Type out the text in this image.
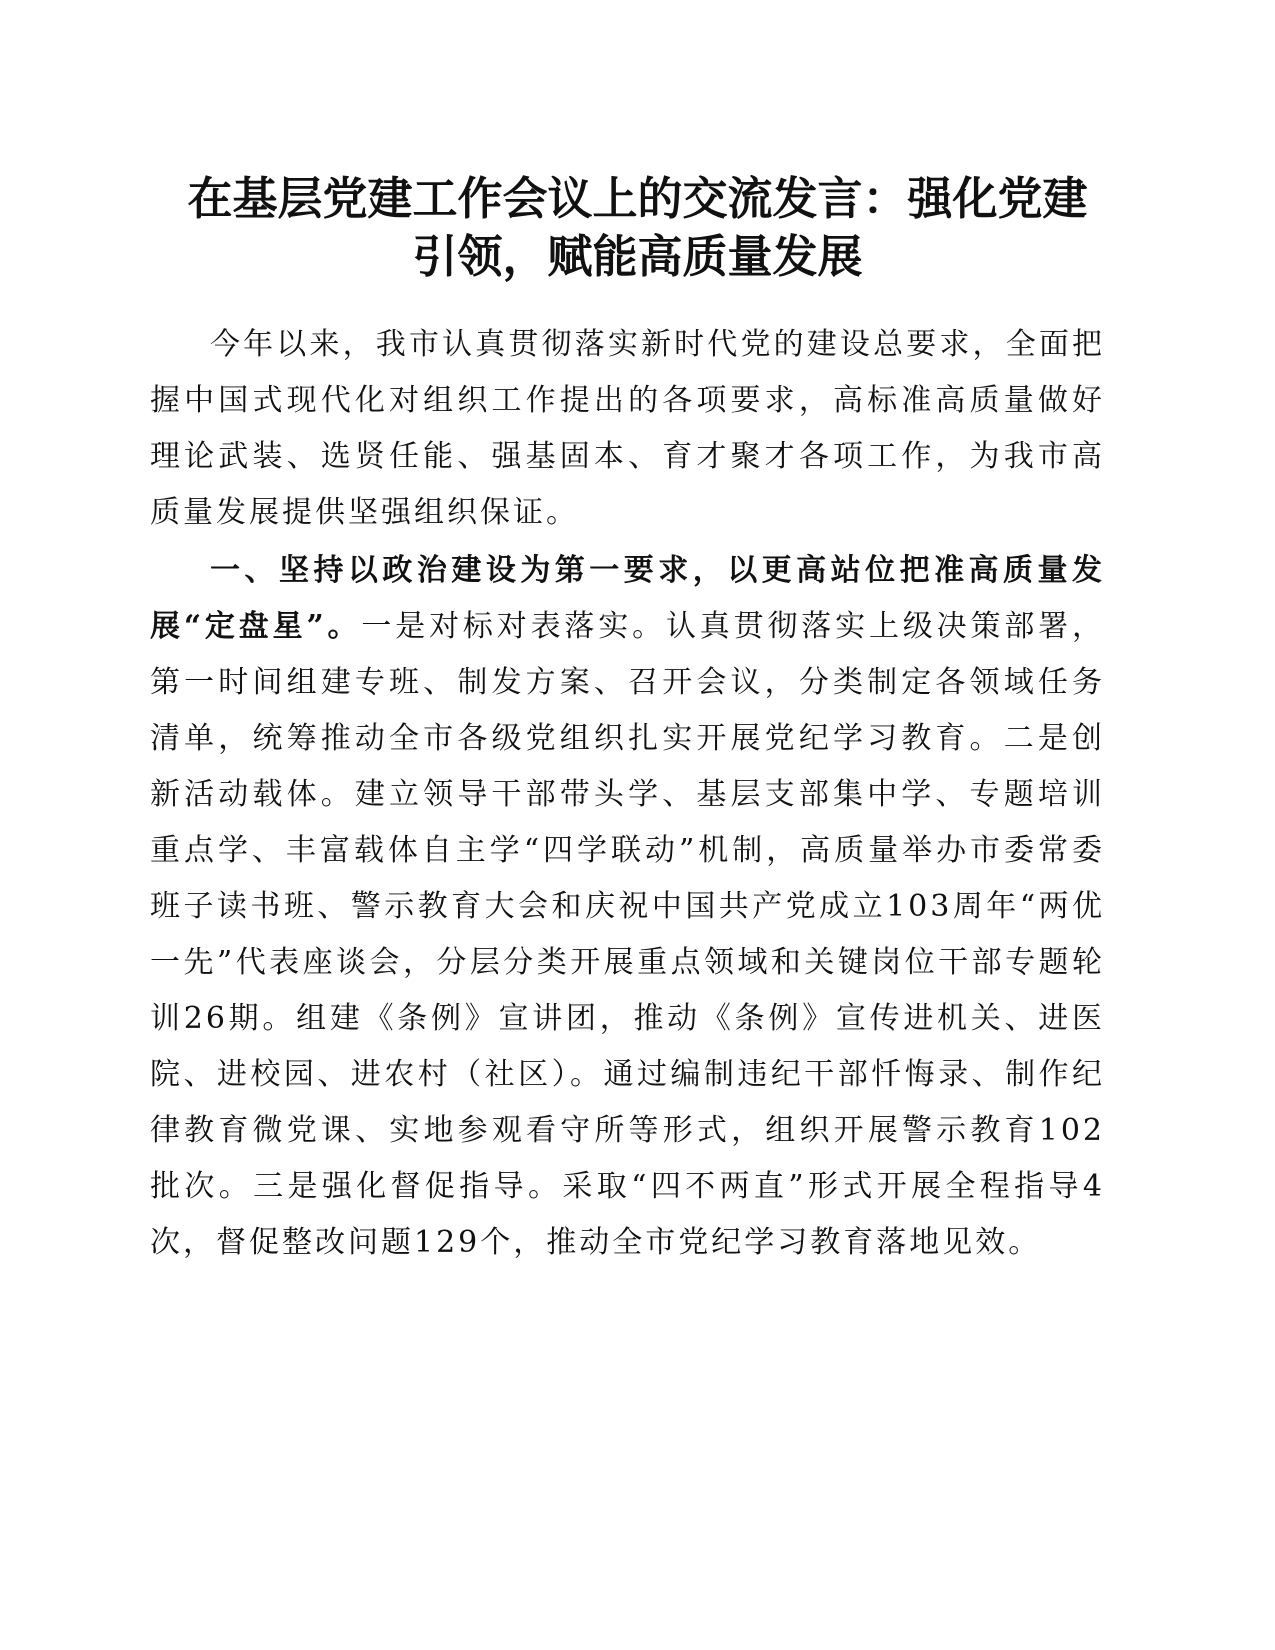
在基层党建工作会议上的交流发言：强化党建
引领，赋能高质量发展

今年以来，我市认真贯彻落实新时代党的建设总要求，全面把握中国式现代化对组织工作提出的各项要求，高标准高质量做好理论武装、选贤任能、强基固本、育才聚才各项工作，为我市高质量发展提供坚强组织保证。

一、坚持以政治建设为第一要求，以更高站位把准高质量发展“定盘星”。一是对标对表落实。认真贯彻落实上级决策部署，第一时间组建专班、制发方案、召开会议，分类制定各领域任务清单，统筹推动全市各级党组织扎实开展党纪学习教育。二是创新活动载体。建立领导干部带头学、基层支部集中学、专题培训重点学、丰富载体自主学“四学联动”机制，高质量举办市委常委班子读书班、警示教育大会和庆祝中国共产党成立103周年“两优一先”代表座谈会，分层分类开展重点领域和关键岗位干部专题轮训26期。组建《条例》宣讲团，推动《条例》宣传进机关、进医院、进校园、进农村（社区）。通过编制违纪干部忏悔录、制作纪律教育微党课、实地参观看守所等形式，组织开展警示教育102批次。三是强化督促指导。采取“四不两直”形式开展全程指导4次，督促整改问题129个，推动全市党纪学习教育落地见效。
